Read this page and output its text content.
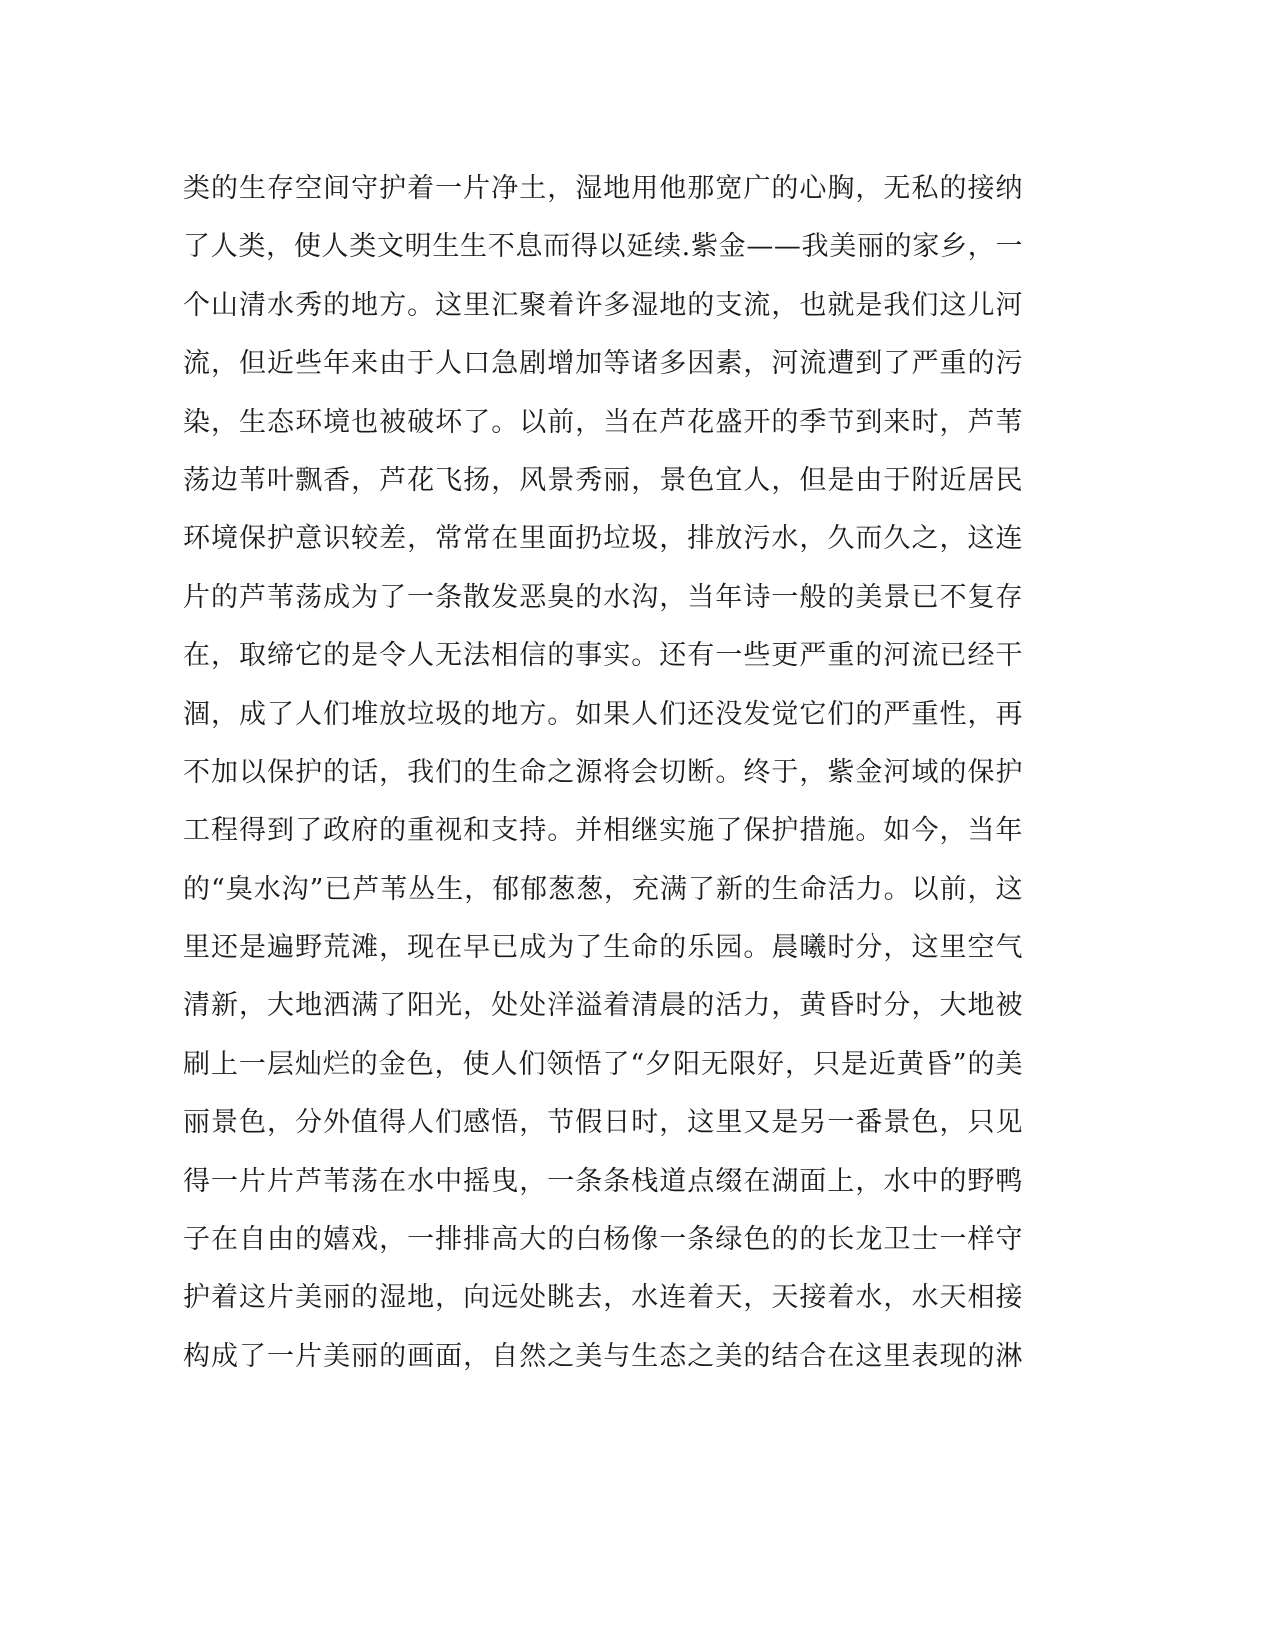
类的生存空间守护着一片净土，湿地用他那宽广的心胸，无私的接纳
了人类，使人类文明生生不息而得以延续.紫金——我美丽的家乡，一
个山清水秀的地方。这里汇聚着许多湿地的支流，也就是我们这儿河
流，但近些年来由于人口急剧增加等诸多因素，河流遭到了严重的污
染，生态环境也被破坏了。以前，当在芦花盛开的季节到来时，芦苇
荡边苇叶飘香，芦花飞扬，风景秀丽，景色宜人，但是由于附近居民
环境保护意识较差，常常在里面扔垃圾，排放污水，久而久之，这连
片的芦苇荡成为了一条散发恶臭的水沟，当年诗一般的美景已不复存
在，取缔它的是令人无法相信的事实。还有一些更严重的河流已经干
涸，成了人们堆放垃圾的地方。如果人们还没发觉它们的严重性，再
不加以保护的话，我们的生命之源将会切断。终于，紫金河域的保护
工程得到了政府的重视和支持。并相继实施了保护措施。如今，当年
的“臭水沟”已芦苇丛生，郁郁葱葱，充满了新的生命活力。以前，这
里还是遍野荒滩，现在早已成为了生命的乐园。晨曦时分，这里空气
清新，大地洒满了阳光，处处洋溢着清晨的活力，黄昏时分，大地被
刷上一层灿烂的金色，使人们领悟了“夕阳无限好，只是近黄昏”的美
丽景色，分外值得人们感悟，节假日时，这里又是另一番景色，只见
得一片片芦苇荡在水中摇曳，一条条栈道点缀在湖面上，水中的野鸭
子在自由的嬉戏，一排排高大的白杨像一条绿色的的长龙卫士一样守
护着这片美丽的湿地，向远处眺去，水连着天，天接着水，水天相接
构成了一片美丽的画面，自然之美与生态之美的结合在这里表现的淋
